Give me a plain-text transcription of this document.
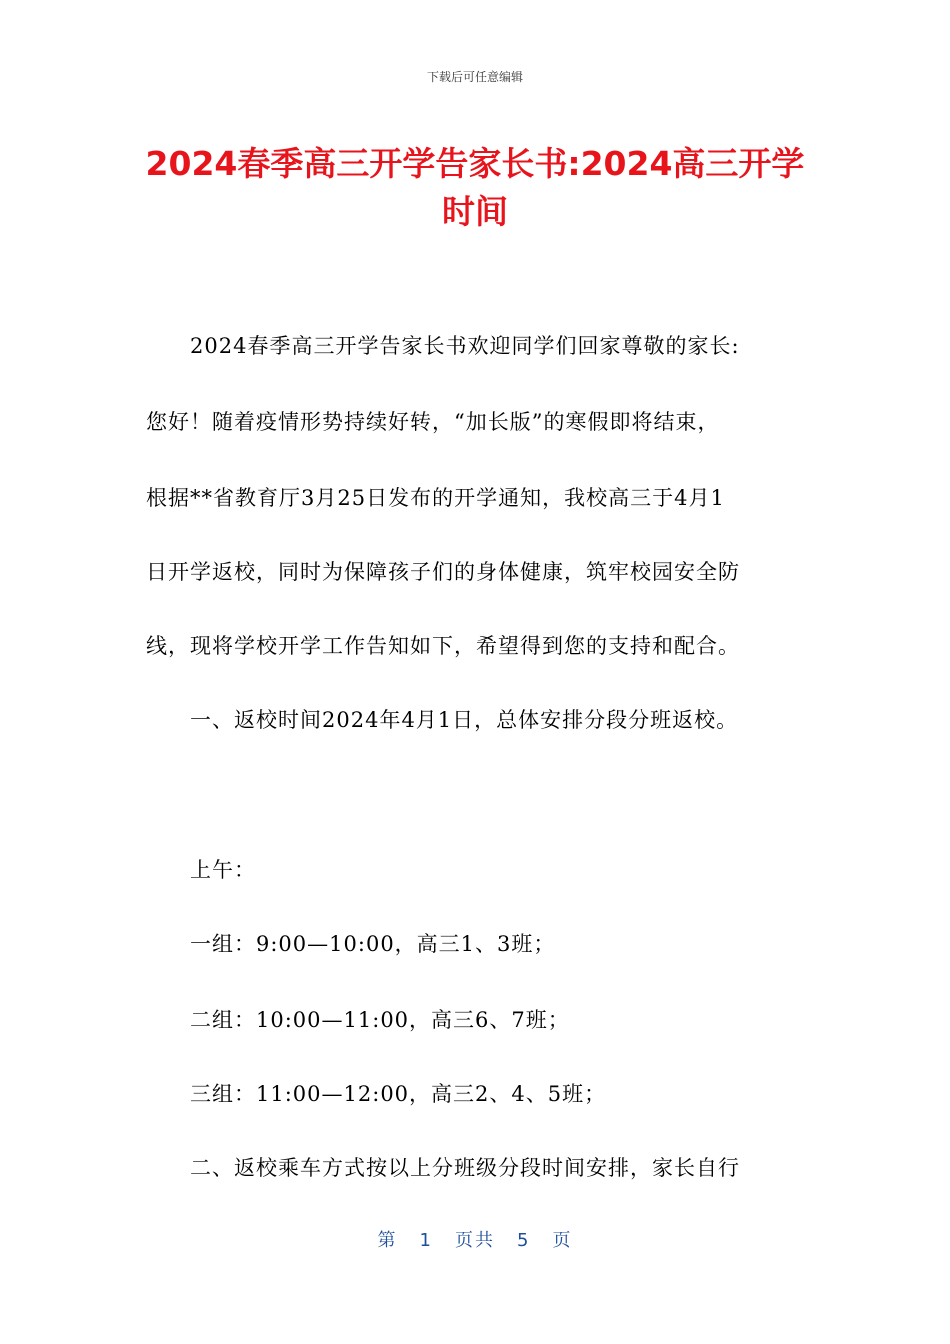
下载后可任意编辑
2024春季高三开学告家长书:2024高三开学
时间
2024春季高三开学告家长书欢迎同学们回家尊敬的家长:
您好！随着疫情形势持续好转，“加长版”的寒假即将结束，
根据**省教育厅3月25日发布的开学通知，我校高三于4月1
日开学返校，同时为保障孩子们的身体健康，筑牢校园安全防
线，现将学校开学工作告知如下，希望得到您的支持和配合。
一、返校时间2024年4月1日，总体安排分段分班返校。
上午：
一组：9:00—10:00，高三1、3班；
二组：10:00—11:00，高三6、7班；
三组：11:00—12:00，高三2、4、5班；
二、返校乘车方式按以上分班级分段时间安排，家长自行
第 1 页共 5 页
